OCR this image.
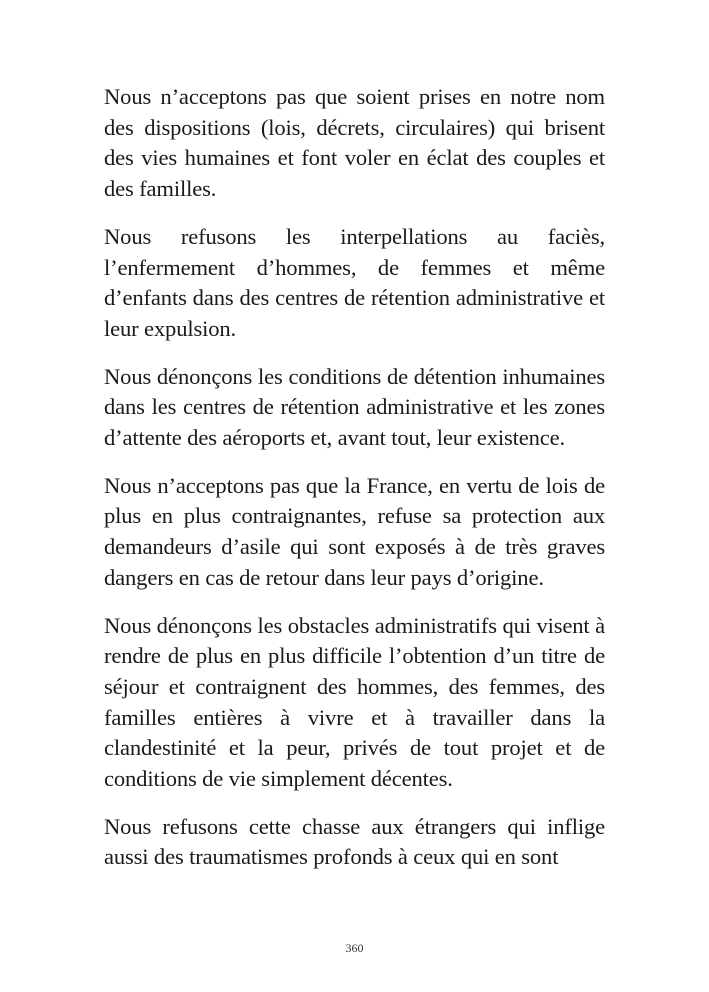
Nous n’acceptons pas que soient prises en notre nom des dispositions (lois, décrets, circulaires) qui brisent des vies humaines et font voler en éclat des couples et des familles.

Nous refusons les interpellations au faciès, l’enfermement d’hommes, de femmes et même d’enfants dans des centres de rétention administrative et leur expulsion.

Nous dénonçons les conditions de détention inhumaines dans les centres de rétention administrative et les zones d’attente des aéroports et, avant tout, leur existence.

Nous n’acceptons pas que la France, en vertu de lois de plus en plus contraignantes, refuse sa protection aux demandeurs d’asile qui sont exposés à de très graves dangers en cas de retour dans leur pays d’origine.

Nous dénonçons les obstacles administratifs qui visent à rendre de plus en plus difficile l’obtention d’un titre de séjour et contraignent des hommes, des femmes, des familles entières à vivre et à travailler dans la clandestinité et la peur, privés de tout projet et de conditions de vie simplement décentes.

Nous refusons cette chasse aux étrangers qui inflige aussi des traumatismes profonds à ceux qui en sont

360
